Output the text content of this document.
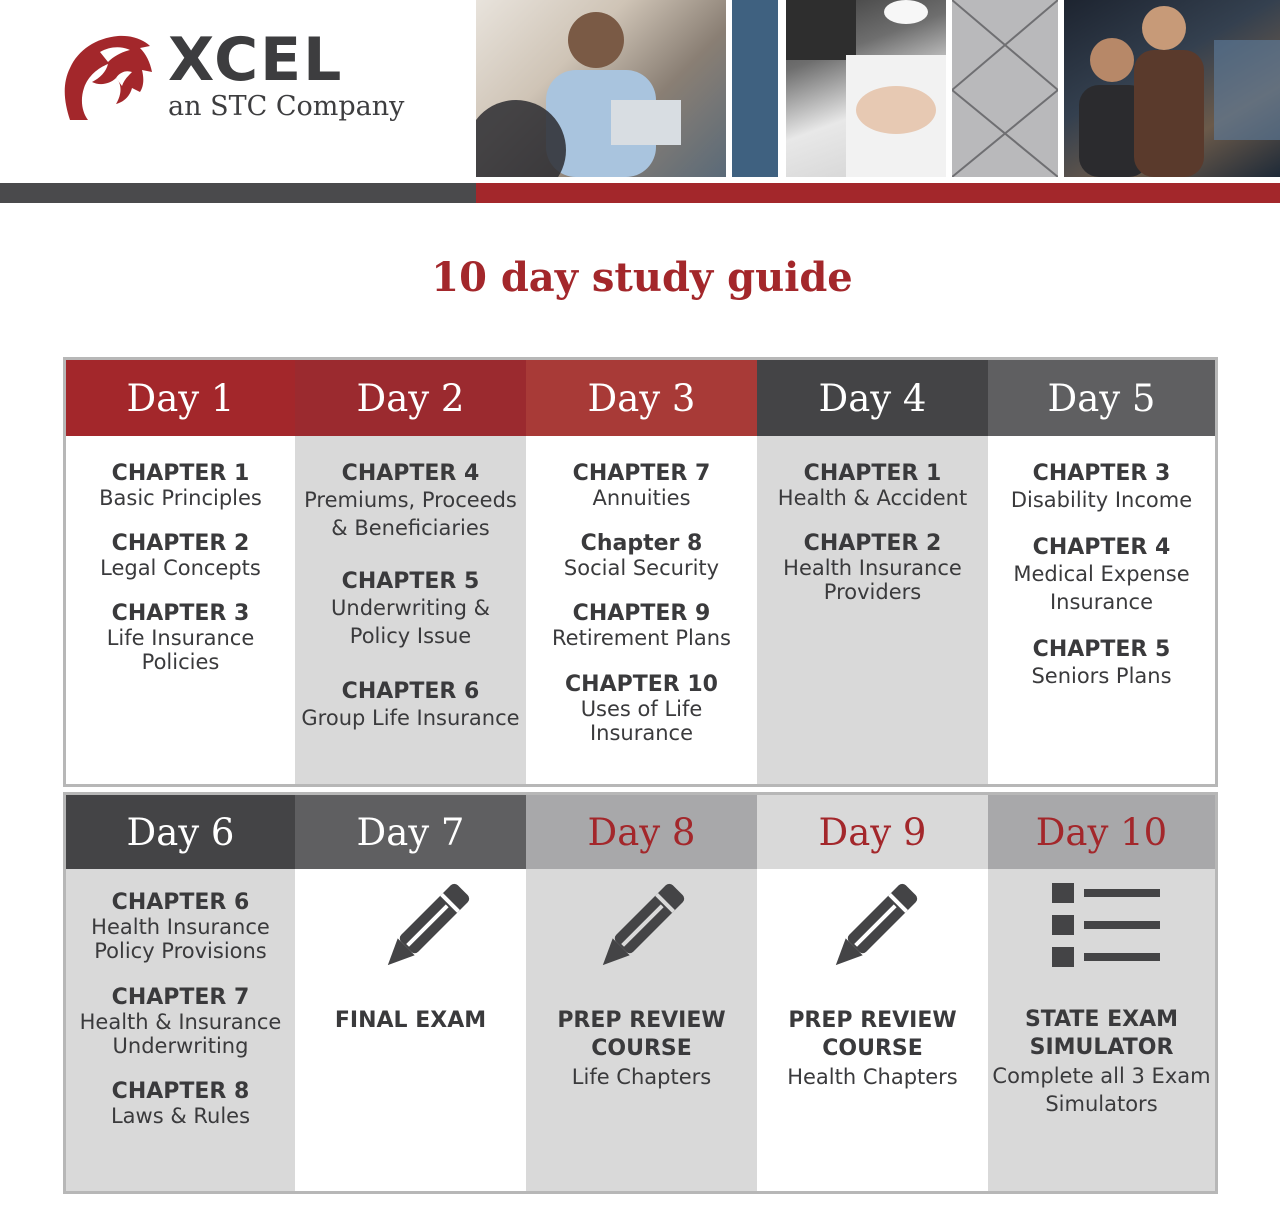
XCEL
an STC Company
10 day study guide
Day 1
CHAPTER 1
Basic Principles
CHAPTER 2
Legal Concepts
CHAPTER 3
Life Insurance
Policies
Day 2
CHAPTER 4
Premiums, Proceeds
& Beneficiaries
CHAPTER 5
Underwriting &
Policy Issue
CHAPTER 6
Group Life Insurance
Day 3
CHAPTER 7
Annuities
Chapter 8
Social Security
CHAPTER 9
Retirement Plans
CHAPTER 10
Uses of Life
Insurance
Day 4
CHAPTER 1
Health & Accident
CHAPTER 2
Health Insurance
Providers
Day 5
CHAPTER 3
Disability Income
CHAPTER 4
Medical Expense
Insurance
CHAPTER 5
Seniors Plans
Day 6
CHAPTER 6
Health Insurance
Policy Provisions
CHAPTER 7
Health & Insurance
Underwriting
CHAPTER 8
Laws & Rules
Day 7
FINAL EXAM
Day 8
PREP REVIEW
COURSE
Life Chapters
Day 9
PREP REVIEW
COURSE
Health Chapters
Day 10
STATE EXAM
SIMULATOR
Complete all 3 Exam
Simulators
